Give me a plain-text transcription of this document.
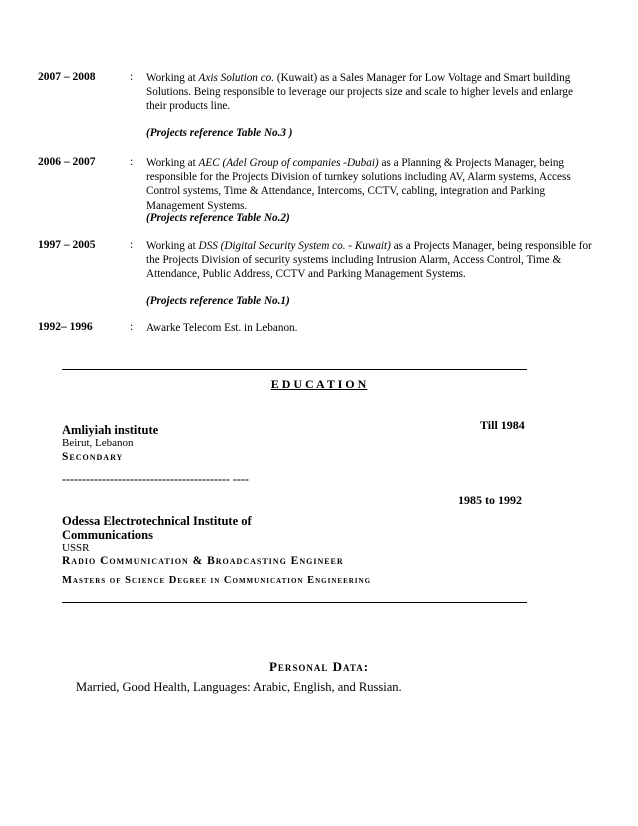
2007 – 2008	: Working at Axis Solution co. (Kuwait) as a Sales Manager for Low Voltage and Smart building Solutions. Being responsible to leverage our projects size and scale to higher levels and enlarge their products line.
(Projects reference Table No.3 )
2006 – 2007	: Working at AEC (Adel Group of companies -Dubai) as a Planning & Projects Manager, being responsible for the Projects Division of turnkey solutions including AV, Alarm systems, Access Control systems, Time & Attendance, Intercoms, CCTV, cabling, integration and Parking Management Systems.
(Projects reference Table No.2)
1997 – 2005	: Working at DSS (Digital Security System co. - Kuwait) as a Projects Manager, being responsible for the Projects Division of security systems including Intrusion Alarm, Access Control, Time & Attendance, Public Address, CCTV and Parking Management Systems.
(Projects reference Table No.1)
1992– 1996	: Awarke Telecom Est. in Lebanon.
E D U C A T I O N
Till 1984
Amliyiah institute
Beirut, Lebanon
Secondary
------------------------------------------ ----
1985 to 1992
Odessa Electrotechnical Institute of Communications
USSR
Radio Communication & Broadcasting Engineer
Masters of Science Degree in Communication Engineering
Personal Data:
Married, Good Health, Languages: Arabic, English, and Russian.
